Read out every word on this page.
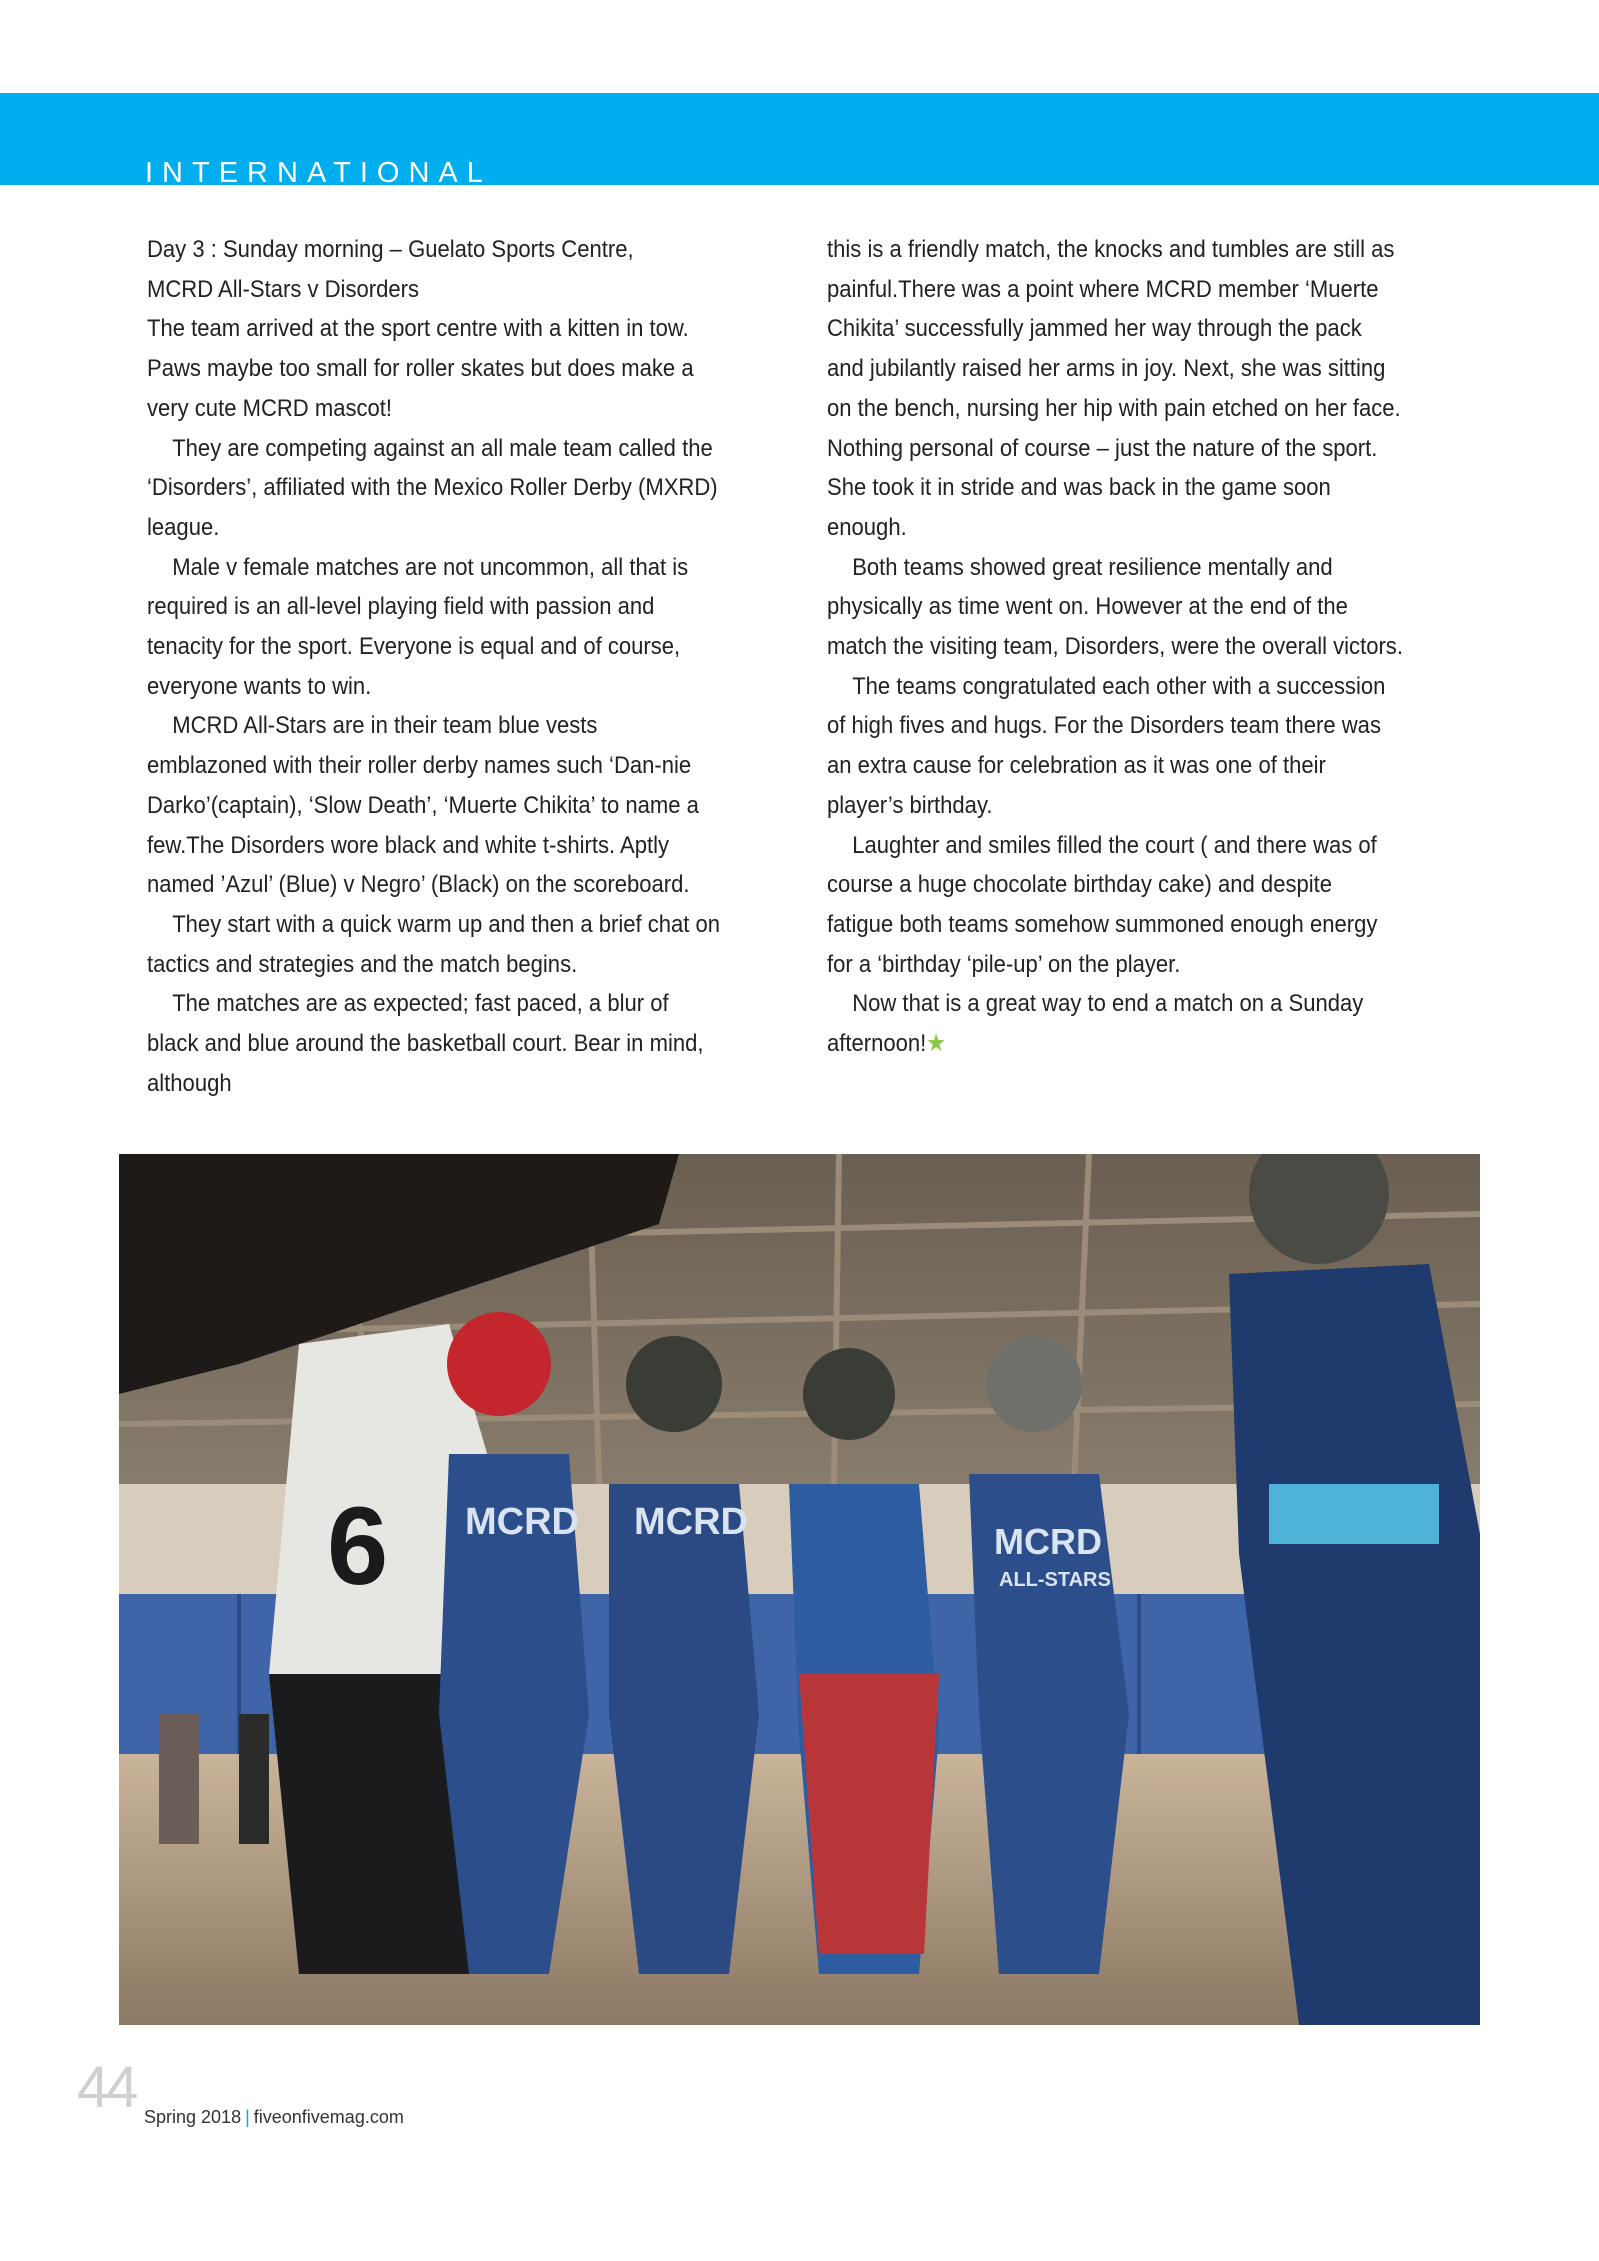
INTERNATIONAL

Day 3 : Sunday morning – Guelato Sports Centre,

MCRD All-Stars v Disorders

The team arrived at the sport centre with a kitten in tow. Paws maybe too small for roller skates but does make a very cute MCRD mascot!

They are competing against an all male team called the ‘Disorders’, affiliated with the Mexico Roller Derby (MXRD) league.

Male v female matches are not uncommon, all that is required is an all-level playing field with passion and tenacity for the sport. Everyone is equal and of course, everyone wants to win.

MCRD All-Stars are in their team blue vests emblazoned with their roller derby names such ‘Dan-nie Darko’(captain), ‘Slow Death’, ‘Muerte Chikita’ to name a few.The Disorders wore black and white t-shirts. Aptly named ’Azul’ (Blue) v Negro’ (Black) on the scoreboard.

They start with a quick warm up and then a brief chat on tactics and strategies and the match begins.

The matches are as expected; fast paced, a blur of black and blue around the basketball court. Bear in mind, although

this is a friendly match, the knocks and tumbles are still as painful.There was a point where MCRD member ‘Muerte Chikita’ successfully jammed her way through the pack and jubilantly raised her arms in joy. Next, she was sitting on the bench, nursing her hip with pain etched on her face. Nothing personal of course – just the nature of the sport. She took it in stride and was back in the game soon enough.

Both teams showed great resilience mentally and physically as time went on. However at the end of the match the visiting team, Disorders, were the overall victors.

The teams congratulated each other with a succession of high fives and hugs. For the Disorders team there was an extra cause for celebration as it was one of their player’s birthday.

Laughter and smiles filled the court ( and there was of course a huge chocolate birthday cake) and despite fatigue both teams somehow summoned enough energy for a ‘birthday ‘pile-up’ on the player.

Now that is a great way to end a match on a Sunday afternoon!★

MCRD MCRD	MCRD
ALL-STARS
6
44 Spring 2018 | fiveonfivemag.com
